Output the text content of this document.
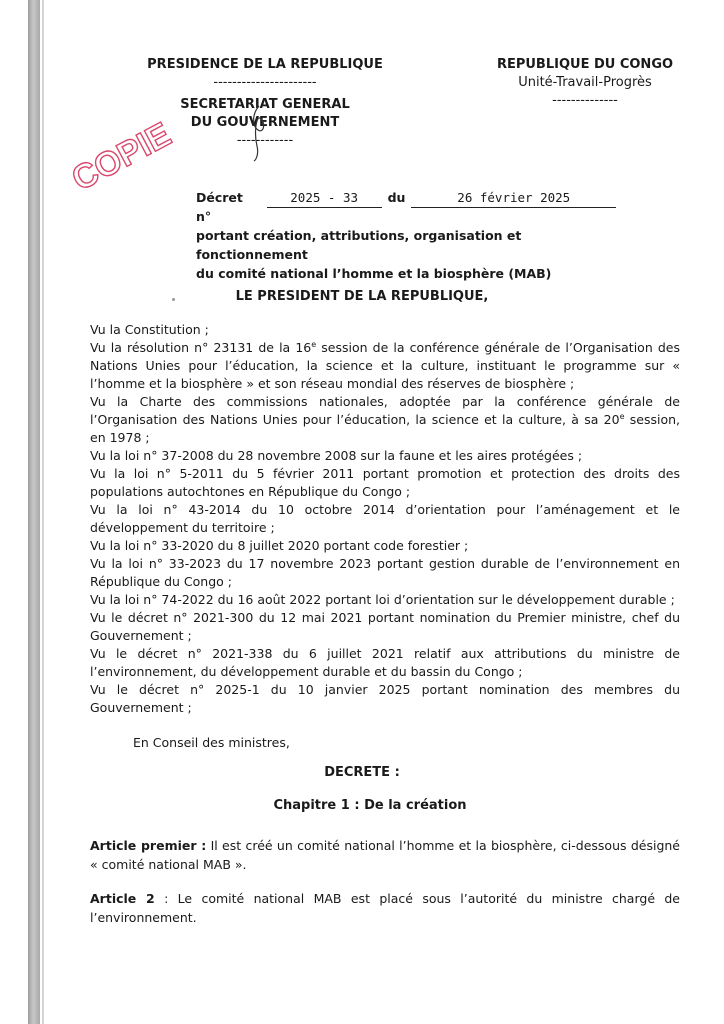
PRESIDENCE DE LA REPUBLIQUE
----------------------
SECRETARIAT GENERAL
DU GOUVERNEMENT
------------
REPUBLIQUE DU CONGO
Unité-Travail-Progrès
--------------
COPIE Décret n°
2025 - 33	du	26 février 2025
portant création, attributions, organisation et fonctionnement
du comité national l’homme et la biosphère (MAB)
LE PRESIDENT DE LA REPUBLIQUE,

Vu la Constitution ;

Vu la résolution n° 23131 de la 16e session de la conférence générale de l’Organisation des Nations Unies pour l’éducation, la science et la culture, instituant le programme sur « l’homme et la biosphère » et son réseau mondial des réserves de biosphère ;

Vu la Charte des commissions nationales, adoptée par la conférence générale de l’Organisation des Nations Unies pour l’éducation, la science et la culture, à sa 20e session, en 1978 ;

Vu la loi n° 37-2008 du 28 novembre 2008 sur la faune et les aires protégées ;

Vu la loi n° 5-2011 du 5 février 2011 portant promotion et protection des droits des populations autochtones en République du Congo ;

Vu la loi n° 43-2014 du 10 octobre 2014 d’orientation pour l’aménagement et le développement du territoire ;

Vu la loi n° 33-2020 du 8 juillet 2020 portant code forestier ;

Vu la loi n° 33-2023 du 17 novembre 2023 portant gestion durable de l’environnement en République du Congo ;

Vu la loi n° 74-2022 du 16 août 2022 portant loi d’orientation sur le développement durable ;

Vu le décret n° 2021-300 du 12 mai 2021 portant nomination du Premier ministre, chef du Gouvernement ;

Vu le décret n° 2021-338 du 6 juillet 2021 relatif aux attributions du ministre de l’environnement, du développement durable et du bassin du Congo ;

Vu le décret n° 2025-1 du 10 janvier 2025 portant nomination des membres du Gouvernement ;

En Conseil des ministres,
DECRETE :
Chapitre 1 : De la création
Article premier : Il est créé un comité national l’homme et la biosphère, ci-dessous désigné « comité national MAB ».
Article 2 : Le comité national MAB est placé sous l’autorité du ministre chargé de l’environnement.
